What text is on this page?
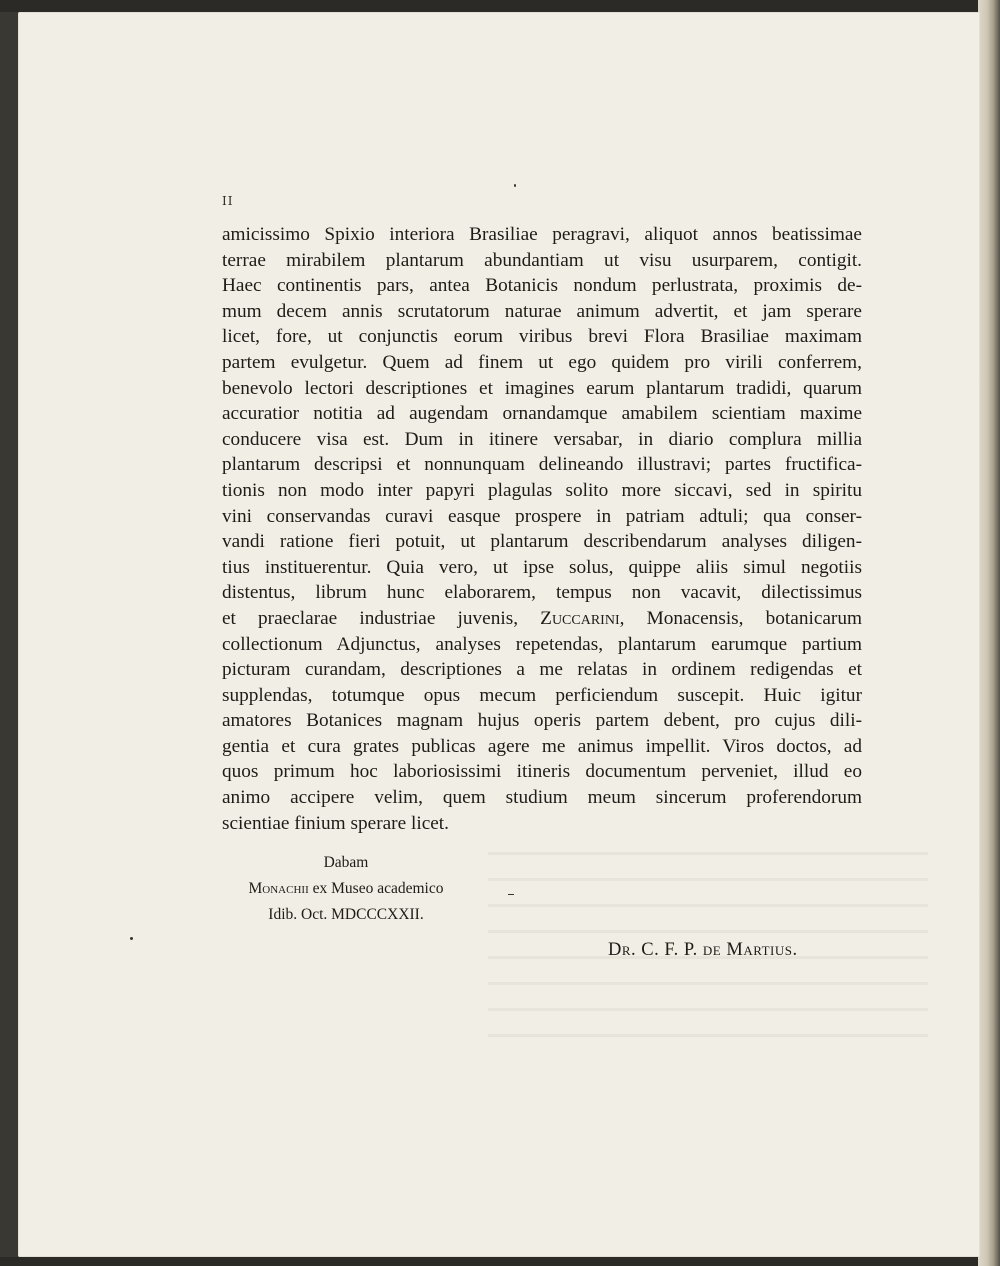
II
amicissimo Spixio interiora Brasiliae peragravi, aliquot annos beatissimae
terrae mirabilem plantarum abundantiam ut visu usurparem, contigit.
Haec continentis pars, antea Botanicis nondum perlustrata, proximis de-
mum decem annis scrutatorum naturae animum advertit, et jam sperare
licet, fore, ut conjunctis eorum viribus brevi Flora Brasiliae maximam
partem evulgetur. Quem ad finem ut ego quidem pro virili conferrem,
benevolo lectori descriptiones et imagines earum plantarum tradidi, quarum
accuratior notitia ad augendam ornandamque amabilem scientiam maxime
conducere visa est. Dum in itinere versabar, in diario complura millia
plantarum descripsi et nonnunquam delineando illustravi; partes fructifica-
tionis non modo inter papyri plagulas solito more siccavi, sed in spiritu
vini conservandas curavi easque prospere in patriam adtuli; qua conser-
vandi ratione fieri potuit, ut plantarum describendarum analyses diligen-
tius instituerentur. Quia vero, ut ipse solus, quippe aliis simul negotiis
distentus, librum hunc elaborarem, tempus non vacavit, dilectissimus
et praeclarae industriae juvenis, Zuccarini, Monacensis, botanicarum
collectionum Adjunctus, analyses repetendas, plantarum earumque partium
picturam curandam, descriptiones a me relatas in ordinem redigendas et
supplendas, totumque opus mecum perficiendum suscepit. Huic igitur
amatores Botanices magnam hujus operis partem debent, pro cujus dili-
gentia et cura grates publicas agere me animus impellit. Viros doctos, ad
quos primum hoc laboriosissimi itineris documentum perveniet, illud eo
animo accipere velim, quem studium meum sincerum proferendorum
scientiae finium sperare licet.
Dabam
Monachii ex Museo academico
Idib. Oct. MDCCCXXII.
Dr. C. F. P. de Martius.
